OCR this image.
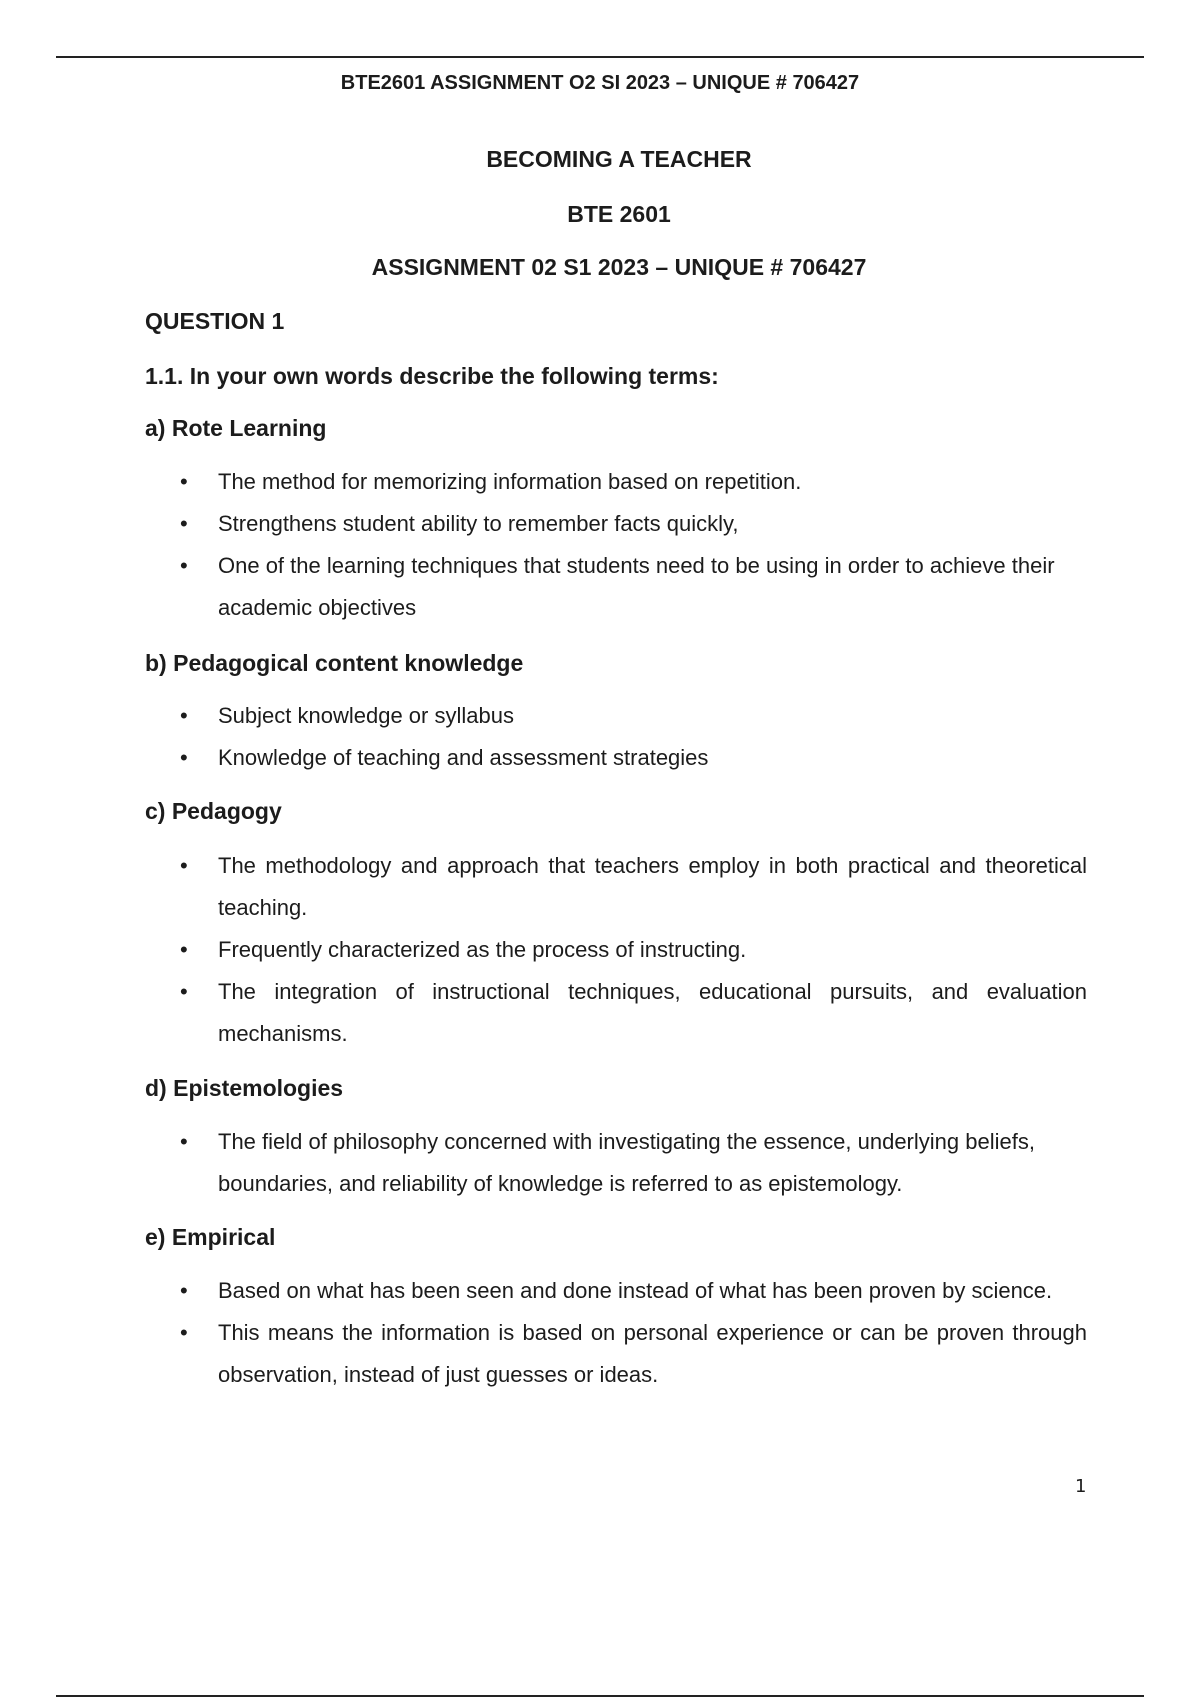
BTE2601 ASSIGNMENT O2 SI 2023 – UNIQUE # 706427
BECOMING A TEACHER
BTE 2601
ASSIGNMENT 02 S1 2023 – UNIQUE # 706427
QUESTION 1
1.1. In your own words describe the following terms:
a) Rote Learning
• The method for memorizing information based on repetition.
• Strengthens student ability to remember facts quickly,
• One of the learning techniques that students need to be using in order to achieve their academic objectives
b) Pedagogical content knowledge
• Subject knowledge or syllabus
• Knowledge of teaching and assessment strategies
c) Pedagogy
• The methodology and approach that teachers employ in both practical and theoretical teaching.
• Frequently characterized as the process of instructing.
• The integration of instructional techniques, educational pursuits, and evaluation mechanisms.
d) Epistemologies
• The field of philosophy concerned with investigating the essence, underlying beliefs, boundaries, and reliability of knowledge is referred to as epistemology.
e) Empirical
• Based on what has been seen and done instead of what has been proven by science.
• This means the information is based on personal experience or can be proven through observation, instead of just guesses or ideas.
1
